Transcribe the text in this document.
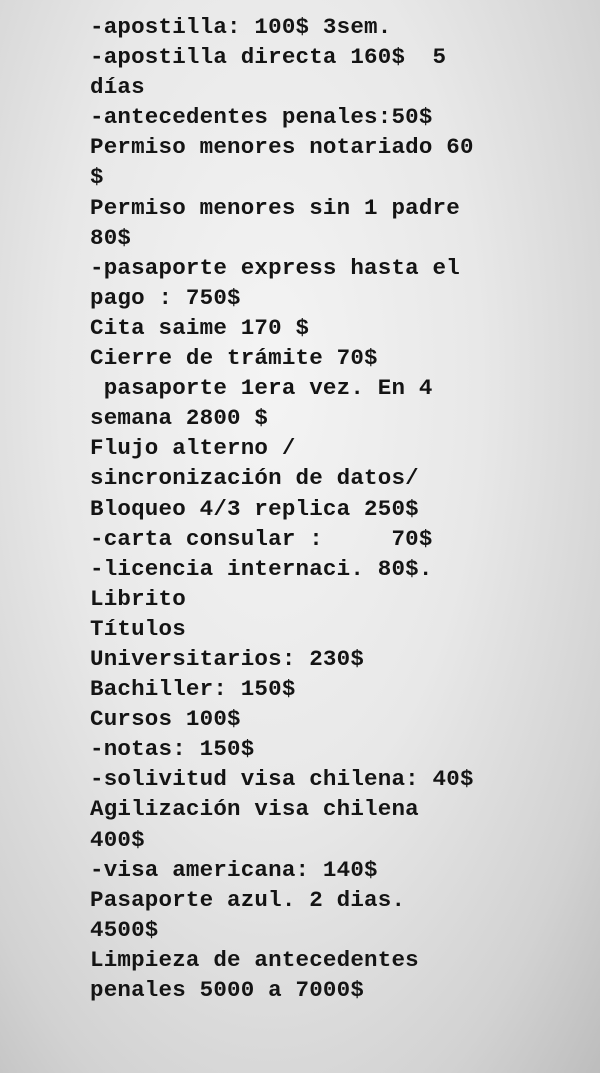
-apostilla: 100$ 3sem.
-apostilla directa 160$  5
días
-antecedentes penales:50$
Permiso menores notariado 60
$
Permiso menores sin 1 padre
80$
-pasaporte express hasta el
pago : 750$
Cita saime 170 $
Cierre de trámite 70$
pasaporte 1era vez. En 4
semana 2800 $
Flujo alterno /
sincronización de datos/
Bloqueo 4/3 replica 250$
-carta consular :     70$
-licencia internaci. 80$.
Librito
Títulos
Universitarios: 230$
Bachiller: 150$
Cursos 100$
-notas: 150$
-solivitud visa chilena: 40$
Agilización visa chilena
400$
-visa americana: 140$
Pasaporte azul. 2 dias.
4500$
Limpieza de antecedentes
penales 5000 a 7000$
